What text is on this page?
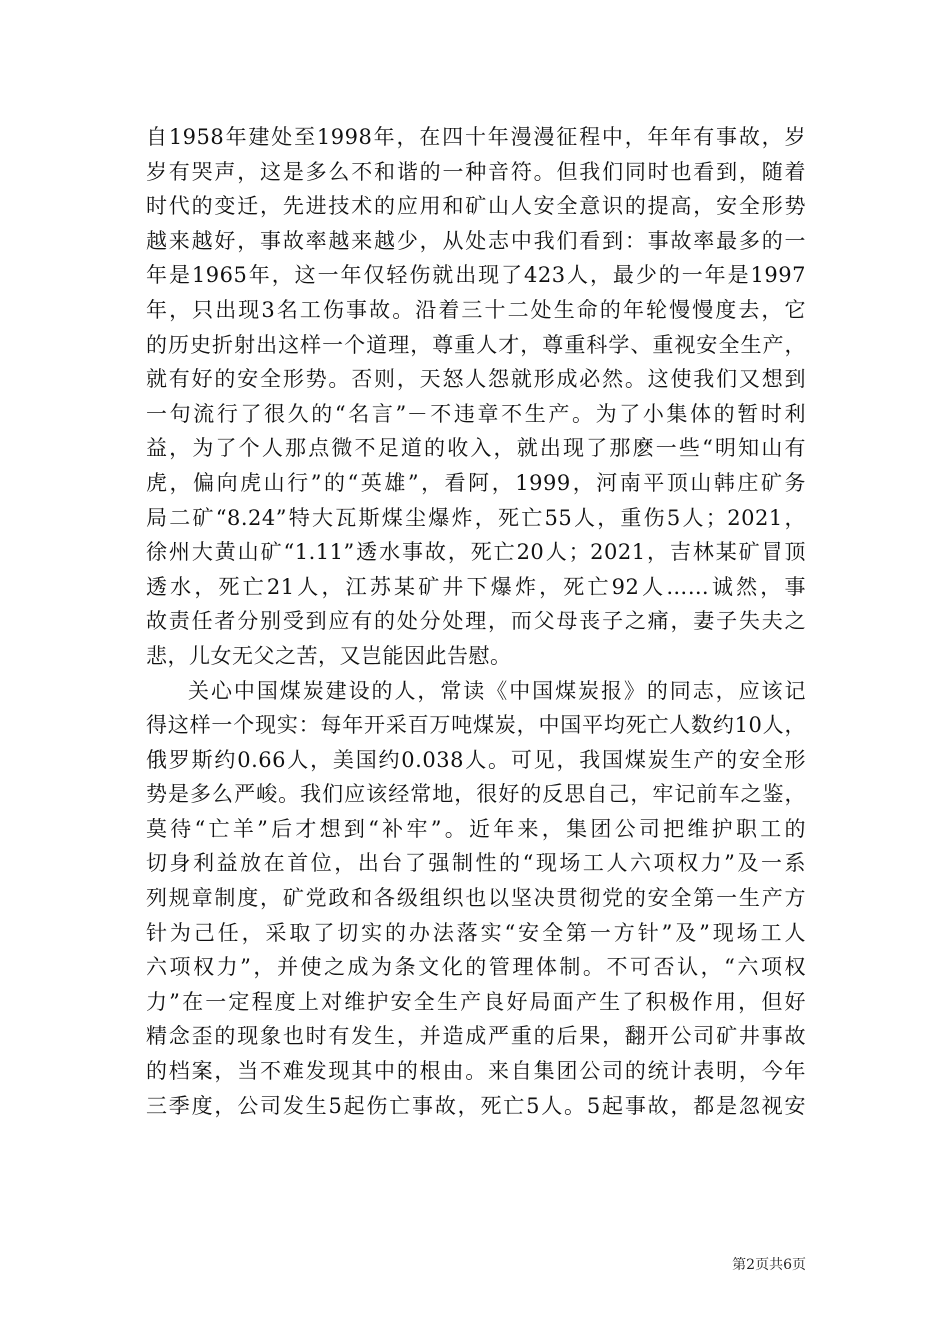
自1958年建处至1998年，在四十年漫漫征程中，年年有事故，岁
岁有哭声，这是多么不和谐的一种音符。但我们同时也看到，随着
时代的变迁，先进技术的应用和矿山人安全意识的提高，安全形势
越来越好，事故率越来越少，从处志中我们看到：事故率最多的一
年是1965年，这一年仅轻伤就出现了423人，最少的一年是1997
年，只出现3名工伤事故。沿着三十二处生命的年轮慢慢度去，它
的历史折射出这样一个道理，尊重人才，尊重科学、重视安全生产，
就有好的安全形势。否则，天怒人怨就形成必然。这使我们又想到
一句流行了很久的“名言”－不违章不生产。为了小集体的暂时利
益，为了个人那点微不足道的收入，就出现了那麽一些“明知山有
虎，偏向虎山行”的“英雄”，看阿，1999，河南平顶山韩庄矿务
局二矿“8.24”特大瓦斯煤尘爆炸，死亡55人，重伤5人；2021，
徐州大黄山矿“1.11”透水事故，死亡20人；2021，吉林某矿冒顶
透水，死亡21人，江苏某矿井下爆炸，死亡92人……诚然，事
故责任者分别受到应有的处分处理，而父母丧子之痛，妻子失夫之
悲，儿女无父之苦，又岂能因此告慰。
关心中国煤炭建设的人，常读《中国煤炭报》的同志，应该记
得这样一个现实：每年开采百万吨煤炭，中国平均死亡人数约10人，
俄罗斯约0.66人，美国约0.038人。可见，我国煤炭生产的安全形
势是多么严峻。我们应该经常地，很好的反思自己，牢记前车之鉴，
莫待“亡羊”后才想到“补牢”。近年来，集团公司把维护职工的
切身利益放在首位，出台了强制性的“现场工人六项权力”及一系
列规章制度，矿党政和各级组织也以坚决贯彻党的安全第一生产方
针为己任，采取了切实的办法落实“安全第一方针”及”现场工人
六项权力”，并使之成为条文化的管理体制。不可否认，“六项权
力”在一定程度上对维护安全生产良好局面产生了积极作用，但好
精念歪的现象也时有发生，并造成严重的后果，翻开公司矿井事故
的档案，当不难发现其中的根由。来自集团公司的统计表明，今年
三季度，公司发生5起伤亡事故，死亡5人。5起事故，都是忽视安
第2页共6页
